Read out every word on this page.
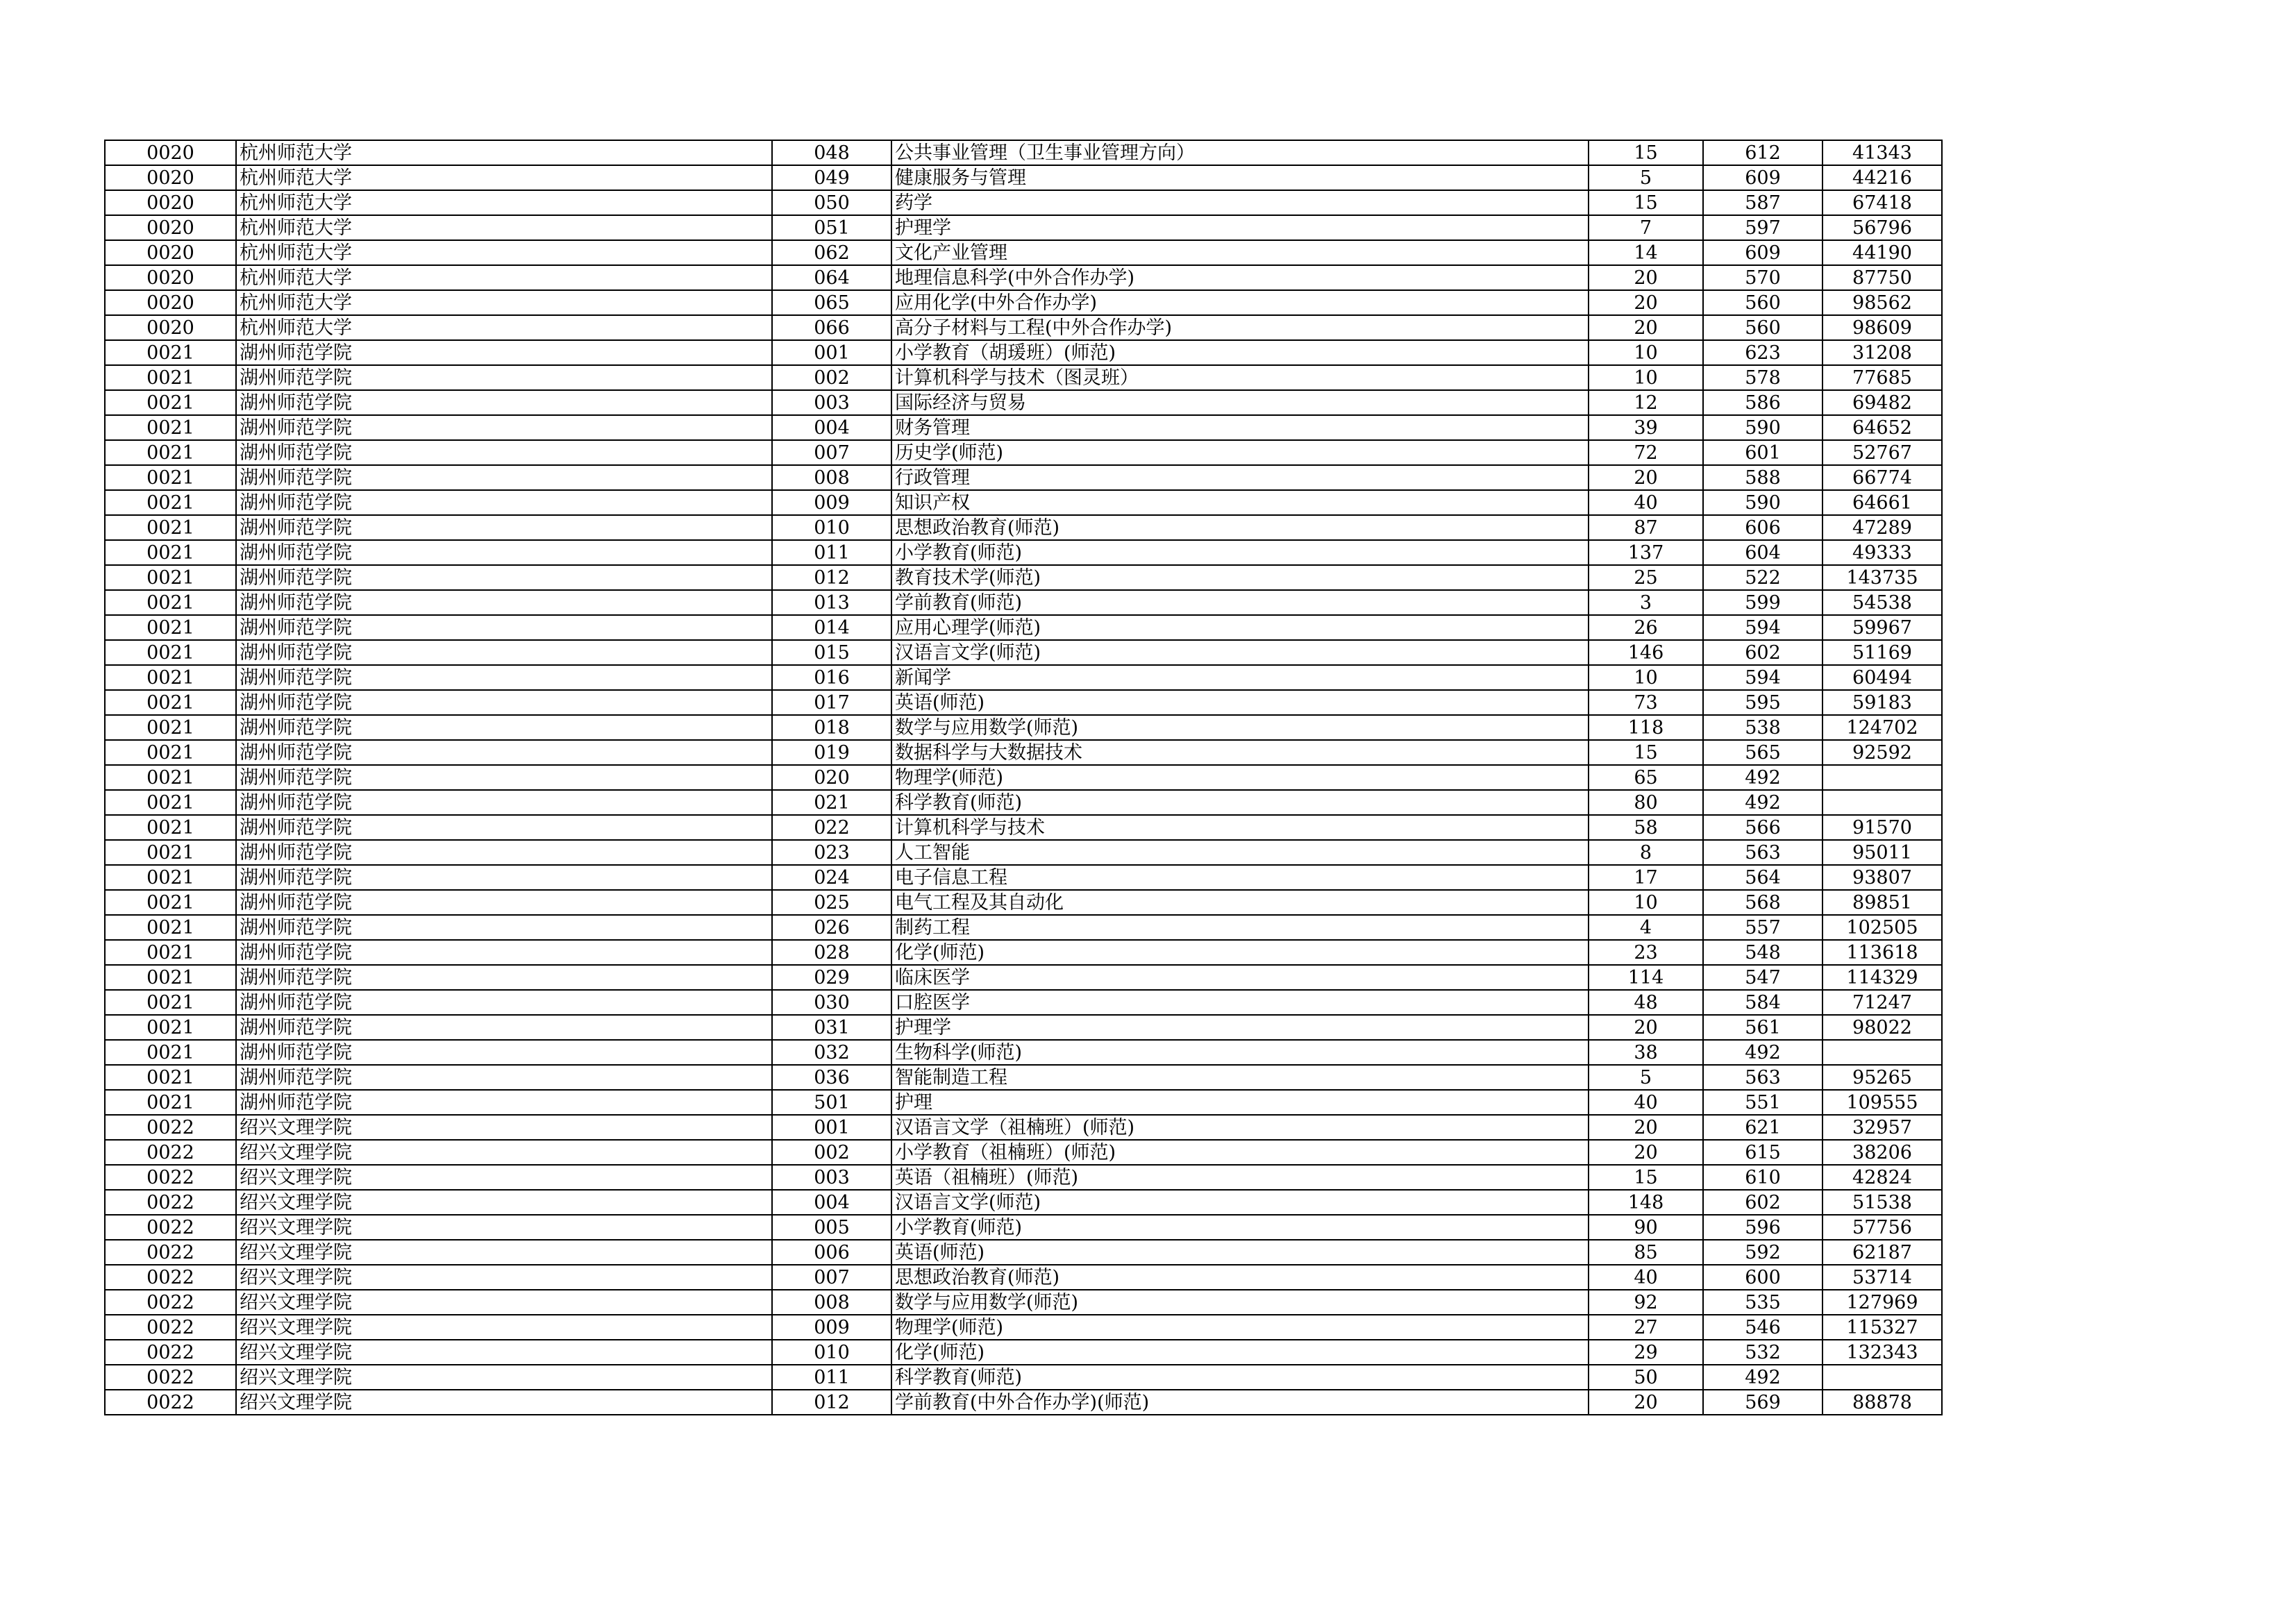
0020	杭州师范大学	048	公共事业管理（卫生事业管理方向）	15	612	41343
0020	杭州师范大学	049	健康服务与管理	5	609	44216
0020	杭州师范大学	050	药学	15	587	67418
0020	杭州师范大学	051	护理学	7	597	56796
0020	杭州师范大学	062	文化产业管理	14	609	44190
0020	杭州师范大学	064	地理信息科学(中外合作办学)	20	570	87750
0020	杭州师范大学	065	应用化学(中外合作办学)	20	560	98562
0020	杭州师范大学	066	高分子材料与工程(中外合作办学)	20	560	98609
0021	湖州师范学院	001	小学教育（胡瑗班）(师范)	10	623	31208
0021	湖州师范学院	002	计算机科学与技术（图灵班）	10	578	77685
0021	湖州师范学院	003	国际经济与贸易	12	586	69482
0021	湖州师范学院	004	财务管理	39	590	64652
0021	湖州师范学院	007	历史学(师范)	72	601	52767
0021	湖州师范学院	008	行政管理	20	588	66774
0021	湖州师范学院	009	知识产权	40	590	64661
0021	湖州师范学院	010	思想政治教育(师范)	87	606	47289
0021	湖州师范学院	011	小学教育(师范)	137	604	49333
0021	湖州师范学院	012	教育技术学(师范)	25	522	143735
0021	湖州师范学院	013	学前教育(师范)	3	599	54538
0021	湖州师范学院	014	应用心理学(师范)	26	594	59967
0021	湖州师范学院	015	汉语言文学(师范)	146	602	51169
0021	湖州师范学院	016	新闻学	10	594	60494
0021	湖州师范学院	017	英语(师范)	73	595	59183
0021	湖州师范学院	018	数学与应用数学(师范)	118	538	124702
0021	湖州师范学院	019	数据科学与大数据技术	15	565	92592
0021	湖州师范学院	020	物理学(师范)	65	492	
0021	湖州师范学院	021	科学教育(师范)	80	492	
0021	湖州师范学院	022	计算机科学与技术	58	566	91570
0021	湖州师范学院	023	人工智能	8	563	95011
0021	湖州师范学院	024	电子信息工程	17	564	93807
0021	湖州师范学院	025	电气工程及其自动化	10	568	89851
0021	湖州师范学院	026	制药工程	4	557	102505
0021	湖州师范学院	028	化学(师范)	23	548	113618
0021	湖州师范学院	029	临床医学	114	547	114329
0021	湖州师范学院	030	口腔医学	48	584	71247
0021	湖州师范学院	031	护理学	20	561	98022
0021	湖州师范学院	032	生物科学(师范)	38	492	
0021	湖州师范学院	036	智能制造工程	5	563	95265
0021	湖州师范学院	501	护理	40	551	109555
0022	绍兴文理学院	001	汉语言文学（祖楠班）(师范)	20	621	32957
0022	绍兴文理学院	002	小学教育（祖楠班）(师范)	20	615	38206
0022	绍兴文理学院	003	英语（祖楠班）(师范)	15	610	42824
0022	绍兴文理学院	004	汉语言文学(师范)	148	602	51538
0022	绍兴文理学院	005	小学教育(师范)	90	596	57756
0022	绍兴文理学院	006	英语(师范)	85	592	62187
0022	绍兴文理学院	007	思想政治教育(师范)	40	600	53714
0022	绍兴文理学院	008	数学与应用数学(师范)	92	535	127969
0022	绍兴文理学院	009	物理学(师范)	27	546	115327
0022	绍兴文理学院	010	化学(师范)	29	532	132343
0022	绍兴文理学院	011	科学教育(师范)	50	492	
0022	绍兴文理学院	012	学前教育(中外合作办学)(师范)	20	569	88878
